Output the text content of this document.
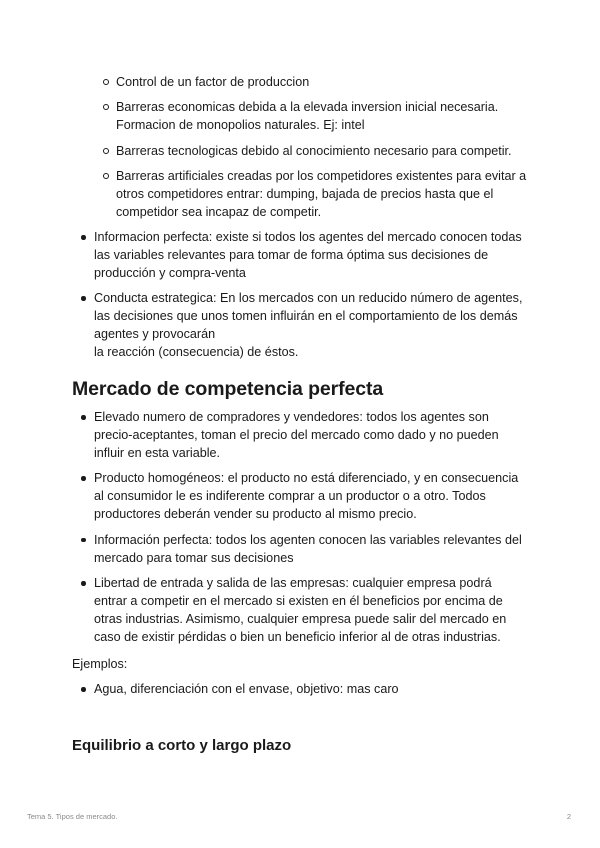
Control de un factor de produccion
Barreras economicas debida a la elevada inversion inicial necesaria. Formacion de monopolios naturales. Ej: intel
Barreras tecnologicas debido al conocimiento necesario para competir.
Barreras artificiales creadas por los competidores existentes para evitar a otros competidores entrar: dumping, bajada de precios hasta que el competidor sea incapaz de competir.
Informacion perfecta: existe si todos los agentes del mercado conocen todas las variables relevantes para tomar de forma óptima sus decisiones de producción y compra-venta
Conducta estrategica: En los mercados con un reducido número de agentes, las decisiones que unos tomen influirán en el comportamiento de los demás agentes y provocarán
la reacción (consecuencia) de éstos.
Mercado de competencia perfecta
Elevado numero de compradores y vendedores: todos los agentes son precio-aceptantes, toman el precio del mercado como dado y no pueden influir en esta variable.
Producto homogéneos: el producto no está diferenciado, y en consecuencia al consumidor le es indiferente comprar a un productor o a otro. Todos productores deberán vender su producto al mismo precio.
Información perfecta: todos los agenten conocen las variables relevantes del mercado para tomar sus decisiones
Libertad de entrada y salida de las empresas: cualquier empresa podrá entrar a competir en el mercado si existen en él beneficios por encima de otras industrias. Asimismo, cualquier empresa puede salir del mercado en caso de existir pérdidas o bien un beneficio inferior al de otras industrias.

Ejemplos:

Agua, diferenciación con el envase, objetivo: mas caro
Equilibrio a corto y largo plazo
Tema 5. Tipos de mercado.	2
